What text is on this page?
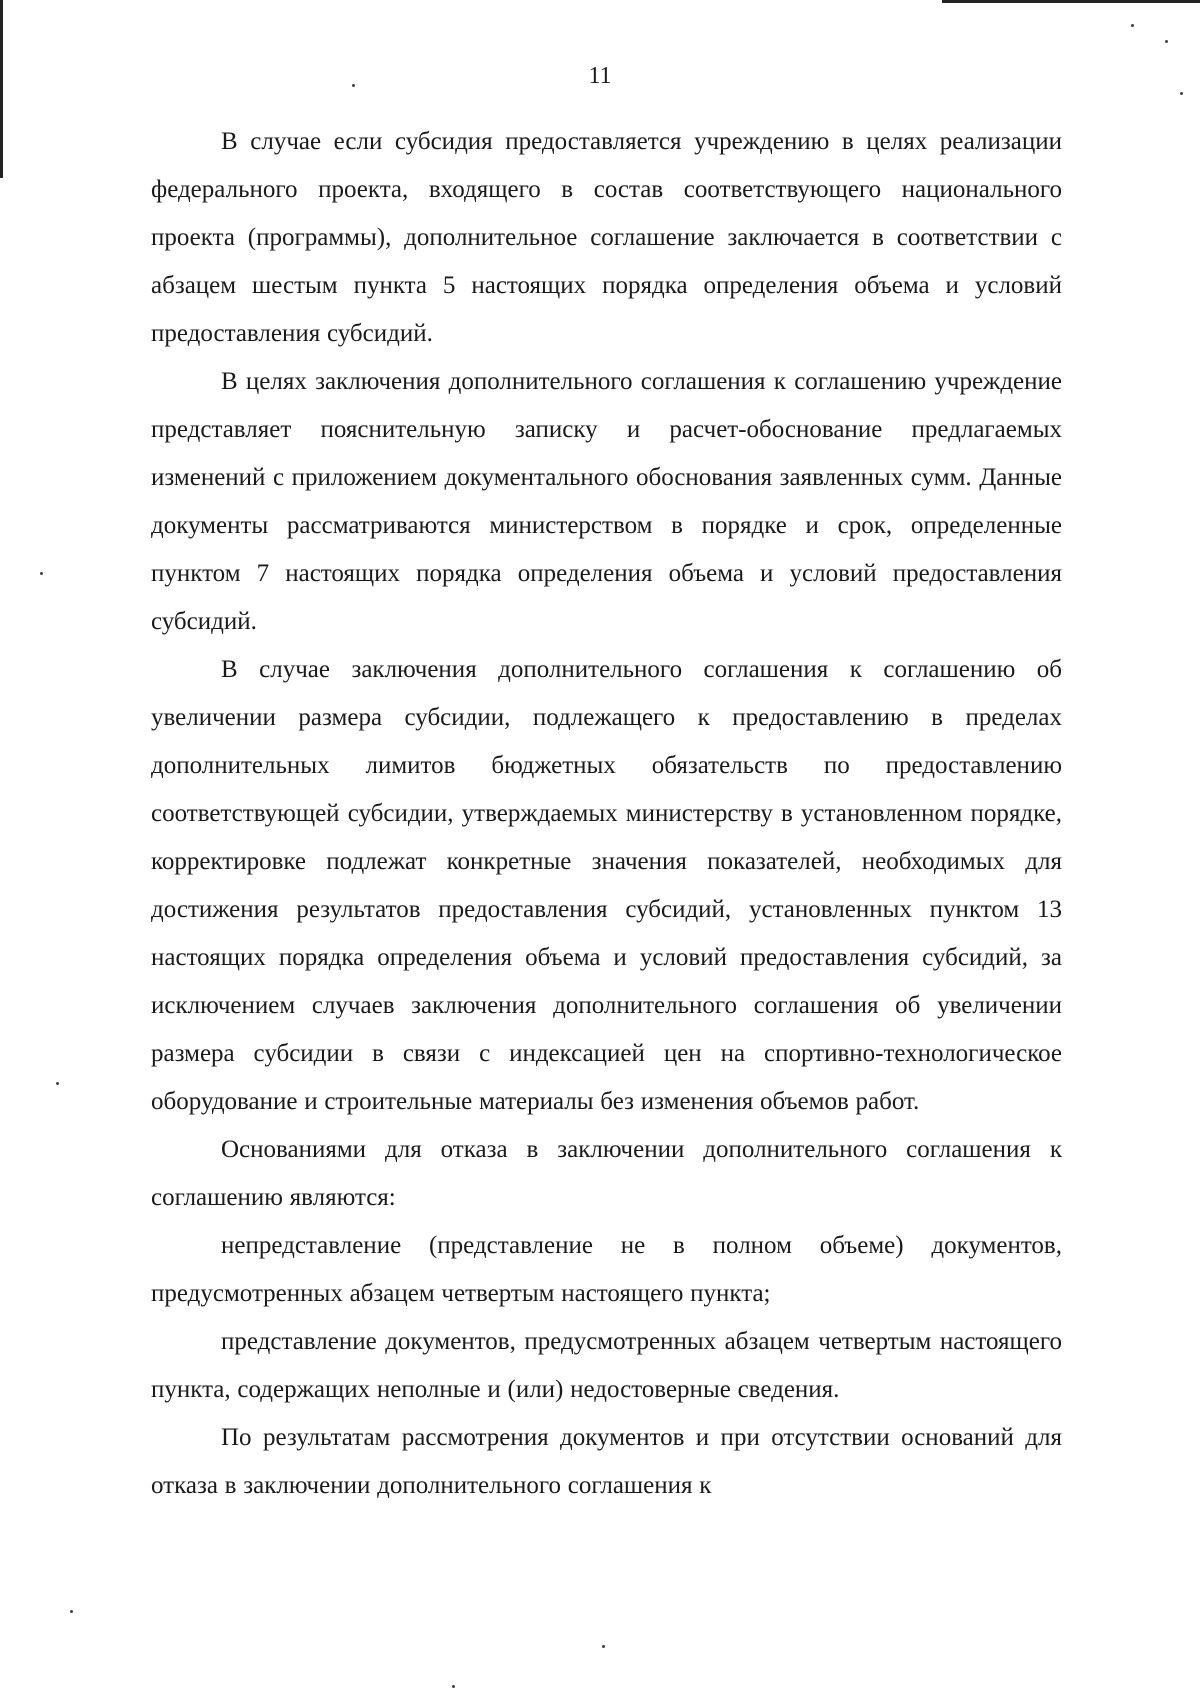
11

В случае если субсидия предоставляется учреждению в целях реализации федерального проекта, входящего в состав соответствующего национального проекта (программы), дополнительное соглашение заключается в соответствии с абзацем шестым пункта 5 настоящих порядка определения объема и условий предоставления субсидий.

В целях заключения дополнительного соглашения к соглашению учреждение представляет пояснительную записку и расчет-обоснование предлагаемых изменений с приложением документального обоснования заявленных сумм. Данные документы рассматриваются министерством в порядке и срок, определенные пунктом 7 настоящих порядка определения объема и условий предоставления субсидий.

В случае заключения дополнительного соглашения к соглашению об увеличении размера субсидии, подлежащего к предоставлению в пределах дополнительных лимитов бюджетных обязательств по предоставлению соответствующей субсидии, утверждаемых министерству в установленном порядке, корректировке подлежат конкретные значения показателей, необходимых для достижения результатов предоставления субсидий, установленных пунктом 13 настоящих порядка определения объема и условий предоставления субсидий, за исключением случаев заключения дополнительного соглашения об увеличении размера субсидии в связи с индексацией цен на спортивно-технологическое оборудование и строительные материалы без изменения объемов работ.

Основаниями для отказа в заключении дополнительного соглашения к соглашению являются:

непредставление (представление не в полном объеме) документов, предусмотренных абзацем четвертым настоящего пункта;

представление документов, предусмотренных абзацем четвертым настоящего пункта, содержащих неполные и (или) недостоверные сведения.

По результатам рассмотрения документов и при отсутствии оснований для отказа в заключении дополнительного соглашения к
